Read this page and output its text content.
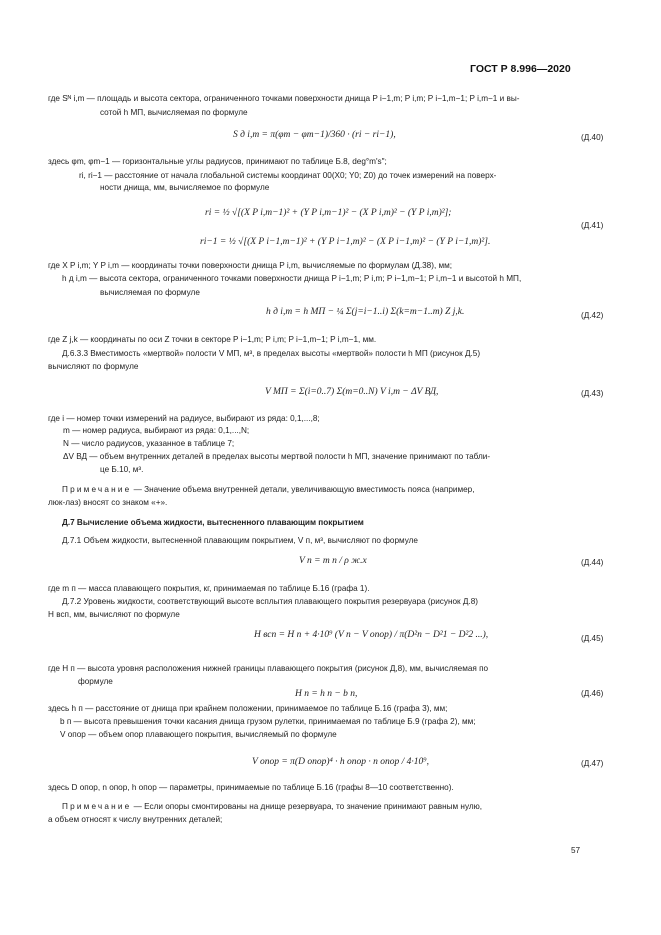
ГОСТ Р 8.996—2020
где Sᴺ i,m — площадь и высота сектора, ограниченного точками поверхности днища P i−1,m; P i,m; P i−1,m−1; P i,m−1 и вы-
сотой h МП, вычисляемая по формуле
S д i,m = π(φm − φm−1)/360 · (ri − ri−1),	(Д.40)
здесь φm, φm−1 — горизонтальные углы радиусов, принимают по таблице Б.8, deg°m's";
ri, ri−1 — расстояние от начала глобальной системы координат 00(X0; Y0; Z0) до точек измерений на поверх-
ности днища, мм, вычисляемое по формуле
ri = ½ √[(X P i,m−1)² + (Y P i,m−1)² − (X P i,m)² − (Y P i,m)²];
(Д.41)
ri−1 = ½ √[(X P i−1,m−1)² + (Y P i−1,m)² − (X P i−1,m)² − (Y P i−1,m)²].
где X P i,m; Y P i,m — координаты точки поверхности днища P i,m, вычисляемые по формулам (Д.38), мм;
h д i,m — высота сектора, ограниченного точками поверхности днища P i−1,m; P i,m; P i−1,m−1; P i,m−1 и высотой h МП,
вычисляемая по формуле
h д i,m = h МП − ¼ Σ(j=i−1..i) Σ(k=m−1..m) Z j,k.	(Д.42)
где Z j,k — координаты по оси Z точки в секторе P i−1,m; P i,m; P i−1,m−1; P i,m−1, мм.
Д.6.3.3 Вместимость «мертвой» полости V МП, м³, в пределах высоты «мертвой» полости h МП (рисунок Д.5)
вычисляют по формуле
V МП = Σ(i=0..7) Σ(m=0..N) V i,m − ΔV ВД,	(Д.43)
где i — номер точки измерений на радиусе, выбирают из ряда: 0,1,...,8;
m — номер радиуса, выбирают из ряда: 0,1,...,N;
N — число радиусов, указанное в таблице 7;
ΔV ВД — объем внутренних деталей в пределах высоты мертвой полости h МП, значение принимают по табли-
це Б.10, м³.
Примечание — Значение объема внутренней детали, увеличивающую вместимость пояса (например,
люк-лаз) вносят со знаком «+».
Д.7 Вычисление объема жидкости, вытесненного плавающим покрытием
Д.7.1 Объем жидкости, вытесненной плавающим покрытием, V п, м³, вычисляют по формуле
V п = m п / ρ ж.х	(Д.44)
где m п — масса плавающего покрытия, кг, принимаемая по таблице Б.16 (графа 1).
Д.7.2 Уровень жидкости, соответствующий высоте всплытия плавающего покрытия резервуара (рисунок Д.8)
H всп, мм, вычисляют по формуле
H всп = H п + 4·10⁹ (V п − V опор) / π(D²п − D²1 − D²2 ...),	(Д.45)
где H п — высота уровня расположения нижней границы плавающего покрытия (рисунок Д,8), мм, вычисляемая по
формуле
H п = h п − b п,	(Д.46)
здесь h п — расстояние от днища при крайнем положении, принимаемое по таблице Б.16 (графа 3), мм;
b п — высота превышения точки касания днища грузом рулетки, принимаемая по таблице Б.9 (графа 2), мм;
V опор — объем опор плавающего покрытия, вычисляемый по формуле
V опор = π(D опор)⁴ · h опор · n опор / 4·10⁹,	(Д.47)
здесь D опор, n опор, h опор — параметры, принимаемые по таблице Б.16 (графы 8—10 соответственно).
Примечание — Если опоры смонтированы на днище резервуара, то значение принимают равным нулю,
а объем относят к числу внутренних деталей;
57
